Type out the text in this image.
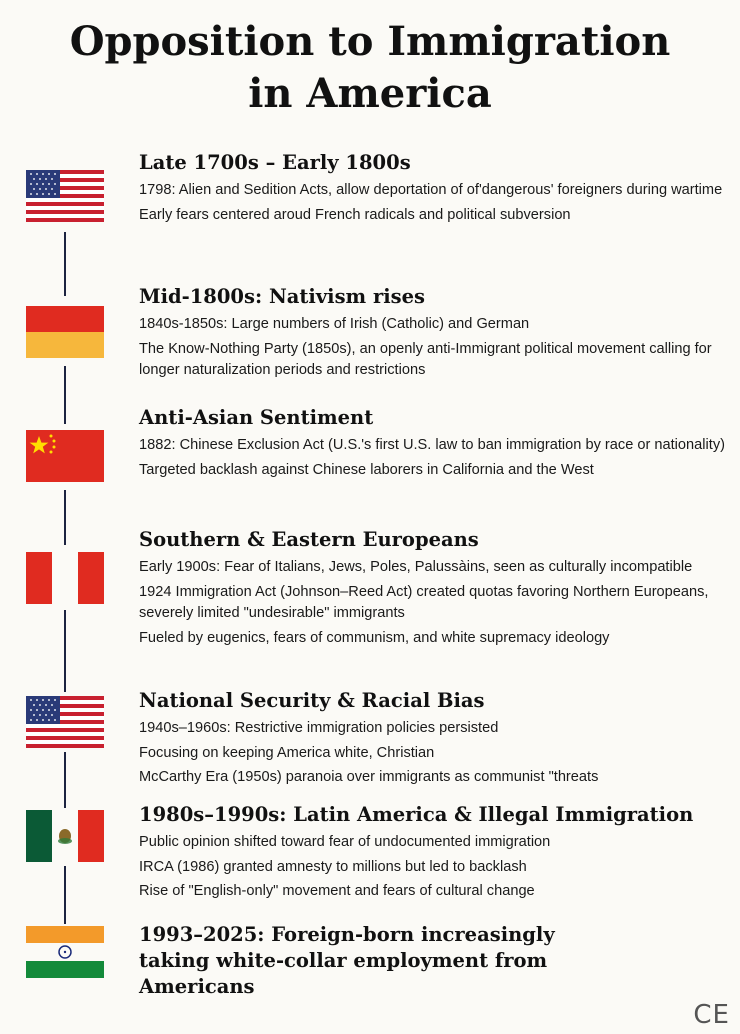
Opposition to Immigration
in America
Late 1700s – Early 1800s
1798: Alien and Sedition Acts, allow deportation of of'dangerous' foreigners during wartime
Early fears centered aroud French radicals and political subversion
Mid-1800s: Nativism rises
1840s-1850s: Large numbers of Irish (Catholic) and German
The Know-Nothing Party (1850s), an openly anti-Immigrant political movement calling for longer naturalization periods and restrictions
Anti-Asian Sentiment
1882: Chinese Exclusion Act (U.S.'s first U.S. law to ban immigration by race or nationality)
Targeted backlash against Chinese laborers in California and the West
Southern & Eastern Europeans
Early 1900s: Fear of Italians, Jews, Poles, Palussàins, seen as culturally incompatible
1924 Immigration Act (Johnson–Reed Act) created quotas favoring Northern Europeans, severely limited "undesirable" immigrants
Fueled by eugenics, fears of communism, and white supremacy ideology
National Security & Racial Bias
1940s–1960s: Restrictive immigration policies persisted
Focusing on keeping America white, Christian
McCarthy Era (1950s) paranoia over immigrants as communist "threats
1980s–1990s: Latin America & Illegal Immigration
Public opinion shifted toward fear of undocumented immigration
IRCA (1986) granted amnesty to millions but led to backlash
Rise of "English-only" movement and fears of cultural change
1993–2025: Foreign-born increasingly taking white-collar employment from Americans
CE
